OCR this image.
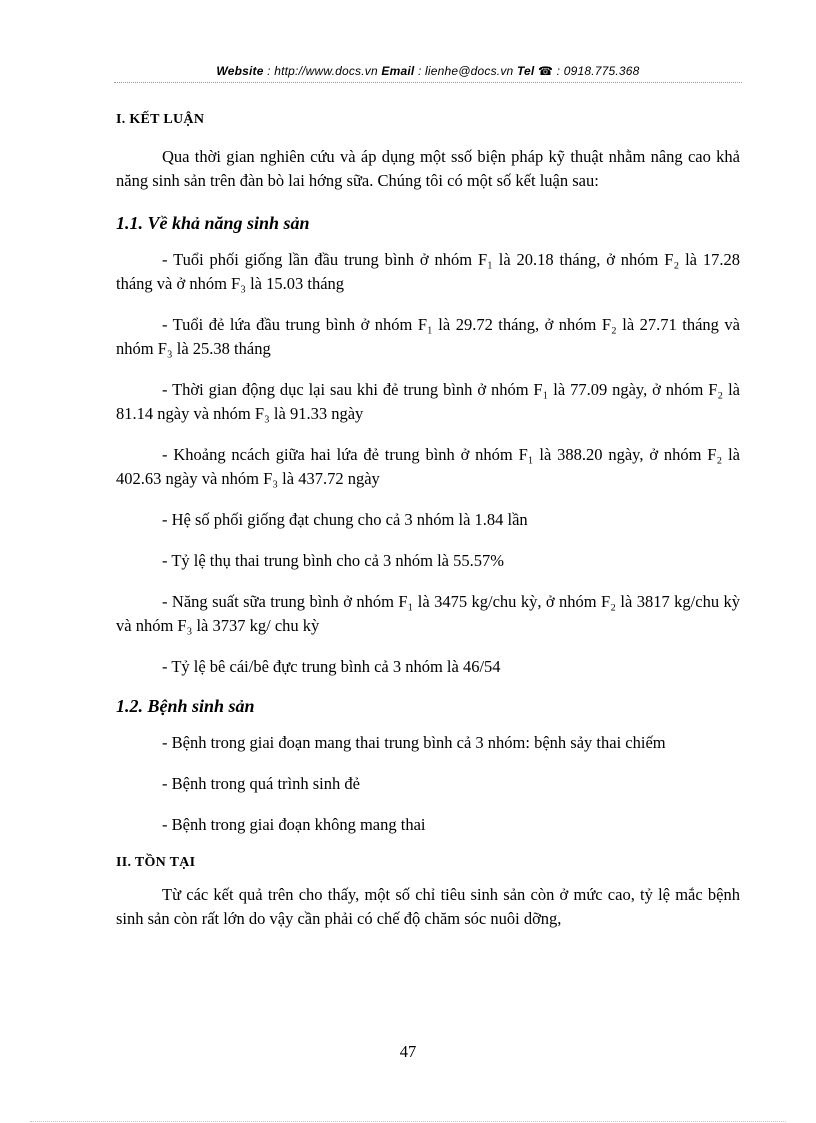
Website : http://www.docs.vn Email : lienhe@docs.vn Tel ☎ : 0918.775.368
I. KẾT LUẬN

Qua thời gian nghiên cứu và áp dụng một ssố biện pháp kỹ thuật nhằm nâng cao khả năng sinh sản trên đàn bò lai hớng sữa. Chúng tôi có một số kết luận sau:

1.1. Về khả năng sinh sản

- Tuổi phối giống lần đầu trung bình ở nhóm F₁ là 20.18 tháng, ở nhóm F₂ là 17.28 tháng và ở nhóm F₃ là 15.03 tháng

- Tuổi đẻ lứa đầu trung bình ở nhóm F₁ là 29.72 tháng, ở nhóm F₂ là 27.71 tháng và nhóm F₃ là 25.38 tháng

- Thời gian động dục lại sau khi đẻ trung bình ở nhóm F₁ là 77.09 ngày, ở nhóm F₂ là 81.14 ngày và nhóm F₃ là 91.33 ngày

- Khoảng ncách giữa hai lứa đẻ trung bình ở nhóm F₁ là 388.20 ngày, ở nhóm F₂ là 402.63 ngày và nhóm F₃ là 437.72 ngày

- Hệ số phối giống đạt chung cho cả 3 nhóm là 1.84 lần

- Tỷ lệ thụ thai trung bình cho cả 3 nhóm là 55.57%

- Năng suất sữa trung bình ở nhóm F₁ là 3475 kg/chu kỳ, ở nhóm F₂ là 3817 kg/chu kỳ và nhóm F₃ là 3737 kg/ chu kỳ

- Tỷ lệ bê cái/bê đực trung bình cả 3 nhóm là 46/54

1.2. Bệnh sinh sản

- Bệnh trong giai đoạn mang thai trung bình cả 3 nhóm: bệnh sảy thai chiếm

- Bệnh trong quá trình sinh đẻ

- Bệnh trong giai đoạn không mang thai

II. TỒN TẠI

Từ các kết quả trên cho thấy, một số chỉ tiêu sinh sản còn ở mức cao, tỷ lệ mắc bệnh sinh sản còn rất lớn do vậy cần phải có chế độ chăm sóc nuôi dỡng,

47
